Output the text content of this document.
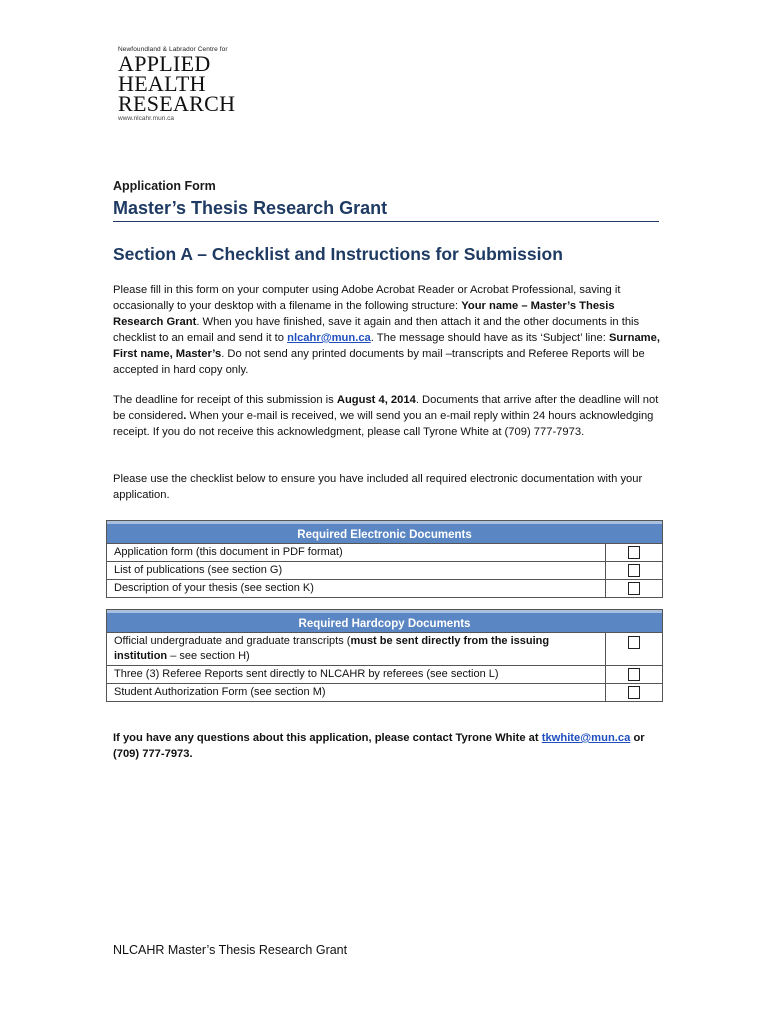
Newfoundland & Labrador Centre for
APPLIED
HEALTH
RESEARCH
www.nlcahr.mun.ca
Application Form
Master’s Thesis Research Grant
Section A – Checklist and Instructions for Submission
Please fill in this form on your computer using Adobe Acrobat Reader or Acrobat Professional, saving it occasionally to your desktop with a filename in the following structure: Your name – Master’s Thesis Research Grant. When you have finished, save it again and then attach it and the other documents in this checklist to an email and send it to nlcahr@mun.ca. The message should have as its ‘Subject’ line: Surname, First name, Master’s. Do not send any printed documents by mail –transcripts and Referee Reports will be accepted in hard copy only.
The deadline for receipt of this submission is August 4, 2014. Documents that arrive after the deadline will not be considered. When your e-mail is received, we will send you an e-mail reply within 24 hours acknowledging receipt. If you do not receive this acknowledgment, please call Tyrone White at (709) 777-7973.
Please use the checklist below to ensure you have included all required electronic documentation with your application.
Required Electronic Documents
Application form (this document in PDF format)
List of publications (see section G)
Description of your thesis (see section K)
Required Hardcopy Documents
Official undergraduate and graduate transcripts (must be sent directly from the issuing institution – see section H)
Three (3) Referee Reports sent directly to NLCAHR by referees (see section L)
Student Authorization Form (see section M)
If you have any questions about this application, please contact Tyrone White at tkwhite@mun.ca or (709) 777-7973.
NLCAHR Master’s Thesis Research Grant
